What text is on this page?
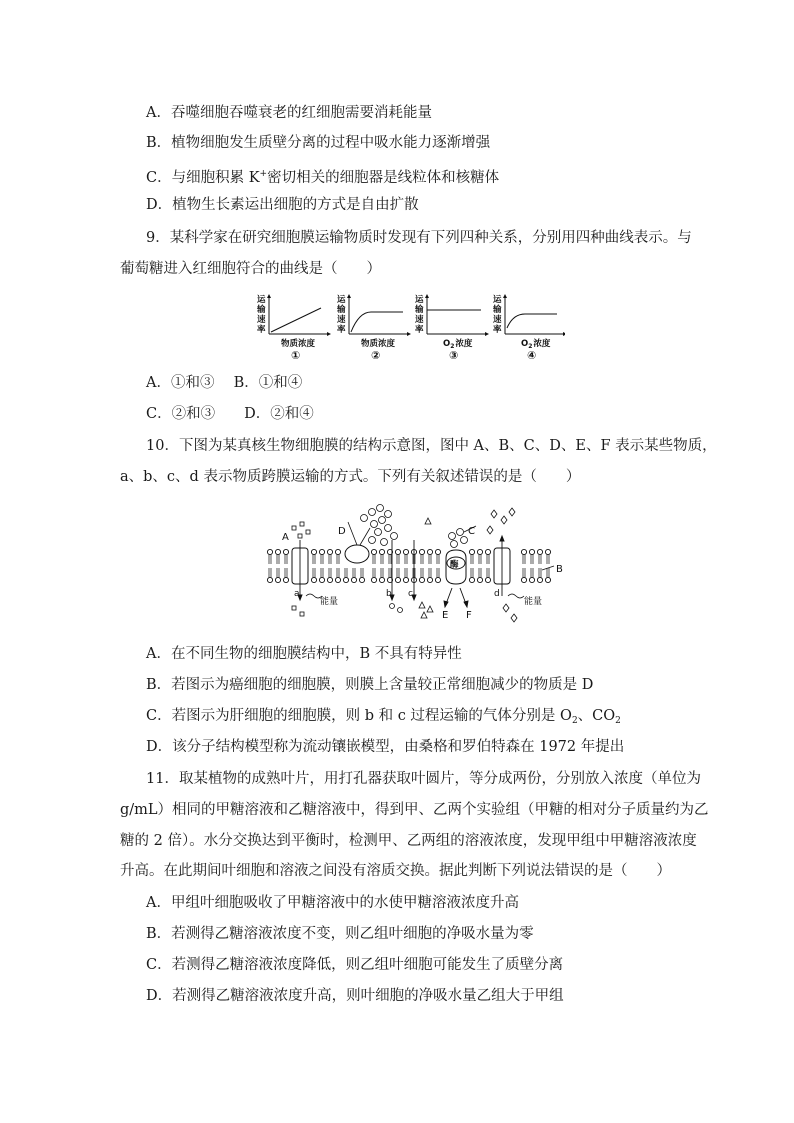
A．吞噬细胞吞噬衰老的红细胞需要消耗能量
B．植物细胞发生质壁分离的过程中吸水能力逐渐增强
C．与细胞积累 K+密切相关的细胞器是线粒体和核糖体
D．植物生长素运出细胞的方式是自由扩散
9．某科学家在研究细胞膜运输物质时发现有下列四种关系，分别用四种曲线表示。与
葡萄糖进入红细胞符合的曲线是（　　）
运
输
速
率
物质浓度
①
运
输
速
率
物质浓度
②
运
输
速
率
$O_2$浓度
③
运
输
速
率
$O_2$浓度
④
A．①和③　 B．①和④
C．②和③　　D．②和④
10．下图为某真核生物细胞膜的结构示意图，图中 A、B、C、D、E、F 表示某些物质，
a、b、c、d 表示物质跨膜运输的方式。下列有关叙述错误的是（　　）
A
B
C
D
E F
a	b c	d
能量	能量
酶
A．在不同生物的细胞膜结构中，B 不具有特异性
B．若图示为癌细胞的细胞膜，则膜上含量较正常细胞减少的物质是 D
C．若图示为肝细胞的细胞膜，则 b 和 c 过程运输的气体分别是 $O_2$、$CO_2$
D．该分子结构模型称为流动镶嵌模型，由桑格和罗伯特森在 1972 年提出
11．取某植物的成熟叶片，用打孔器获取叶圆片，等分成两份，分别放入浓度（单位为
g/mL）相同的甲糖溶液和乙糖溶液中，得到甲、乙两个实验组（甲糖的相对分子质量约为乙
糖的 2 倍）。水分交换达到平衡时，检测甲、乙两组的溶液浓度，发现甲组中甲糖溶液浓度
升高。在此期间叶细胞和溶液之间没有溶质交换。据此判断下列说法错误的是（　　）
A．甲组叶细胞吸收了甲糖溶液中的水使甲糖溶液浓度升高
B．若测得乙糖溶液浓度不变，则乙组叶细胞的净吸水量为零
C．若测得乙糖溶液浓度降低，则乙组叶细胞可能发生了质壁分离
D．若测得乙糖溶液浓度升高，则叶细胞的净吸水量乙组大于甲组
